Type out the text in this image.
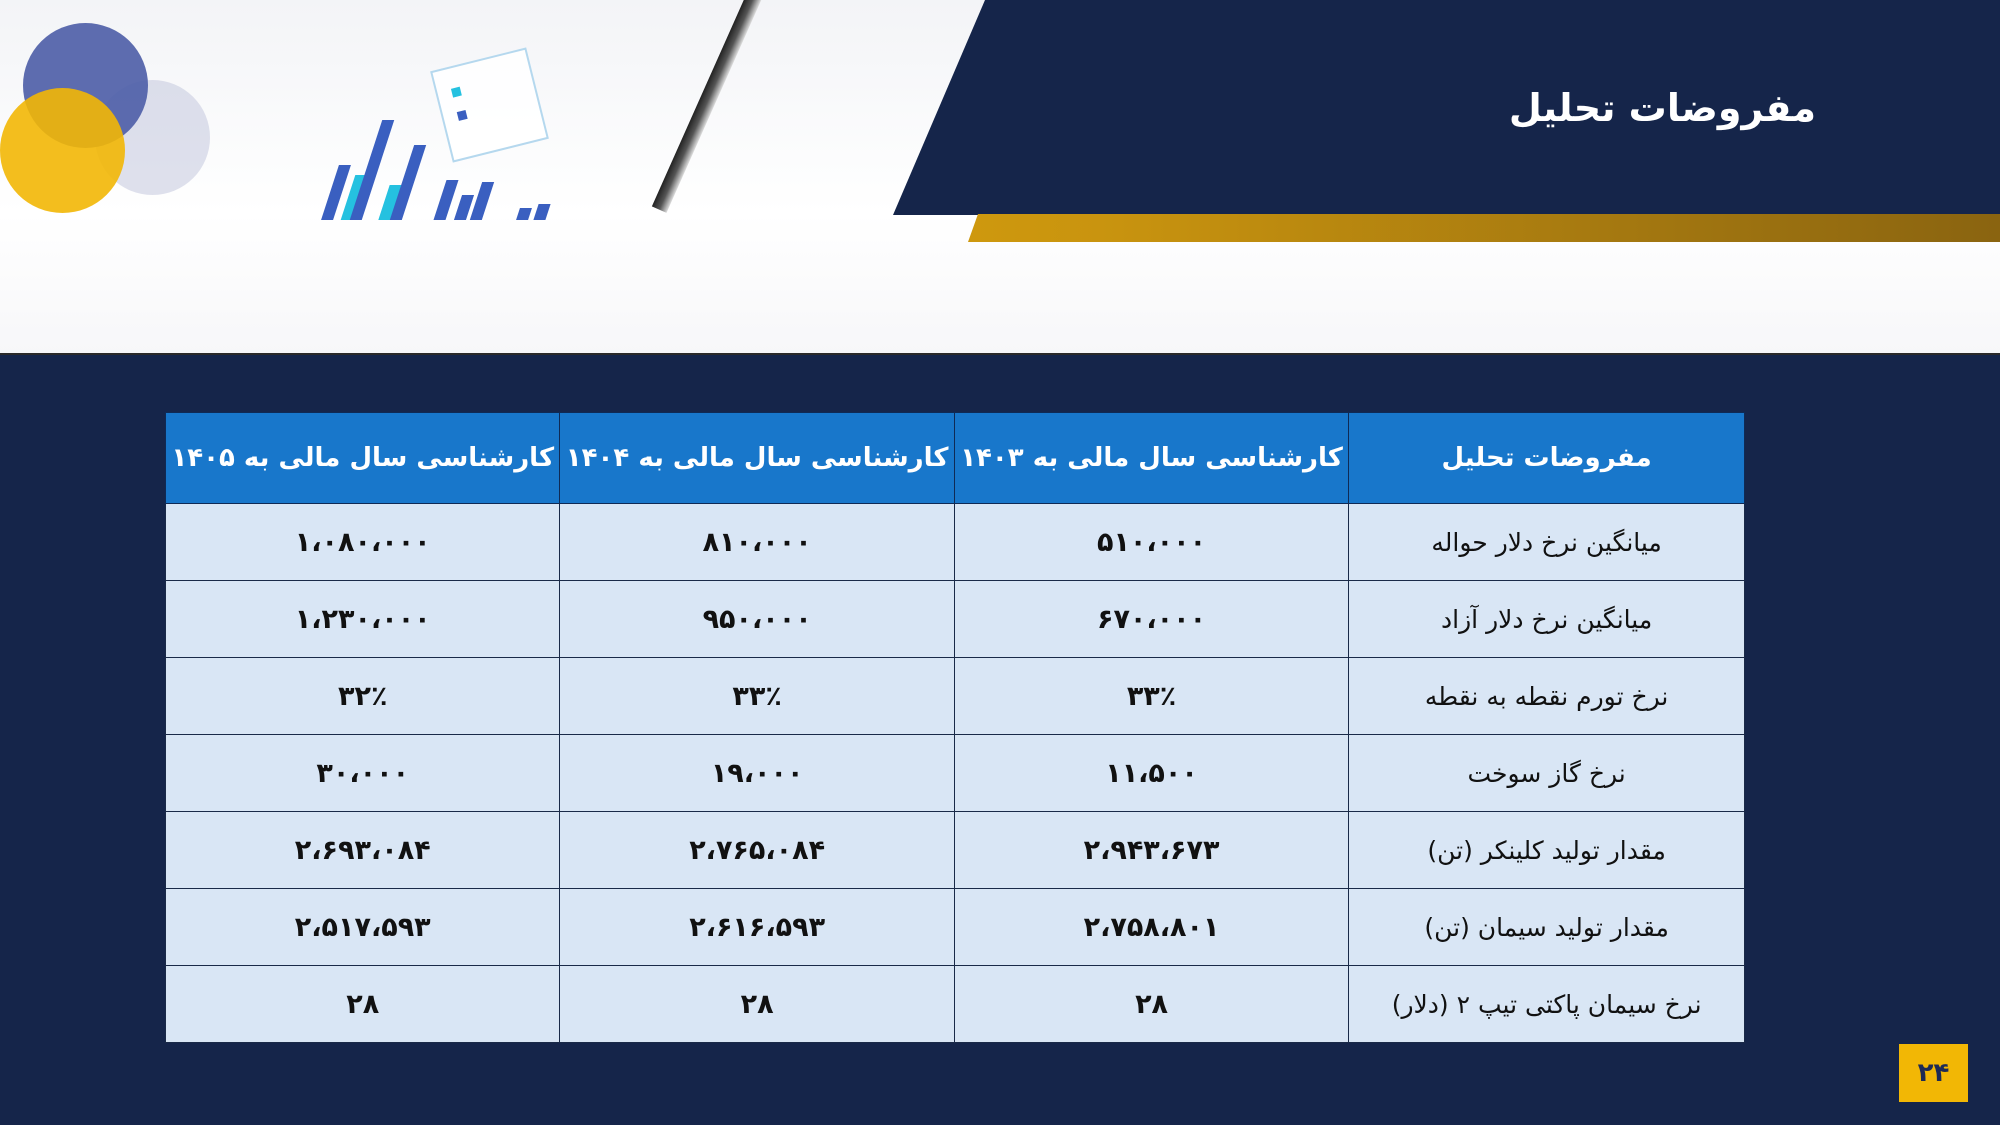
مفروضات تحلیل
مفروضات تحلیل	کارشناسی سال مالی به ۱۴۰۳	کارشناسی سال مالی به ۱۴۰۴	کارشناسی سال مالی به ۱۴۰۵
میانگین نرخ دلار حواله	۵۱۰،۰۰۰	۸۱۰،۰۰۰	۱،۰۸۰،۰۰۰
میانگین نرخ دلار آزاد	۶۷۰،۰۰۰	۹۵۰،۰۰۰	۱،۲۳۰،۰۰۰
نرخ تورم نقطه به نقطه	۳۳٪	۳۳٪	۳۲٪
نرخ گاز سوخت	۱۱،۵۰۰	۱۹،۰۰۰	۳۰،۰۰۰
مقدار تولید کلینکر (تن)	۲،۹۴۳،۶۷۳	۲،۷۶۵،۰۸۴	۲،۶۹۳،۰۸۴
مقدار تولید سیمان (تن)	۲،۷۵۸،۸۰۱	۲،۶۱۶،۵۹۳	۲،۵۱۷،۵۹۳
نرخ سیمان پاکتی تیپ ۲ (دلار)	۲۸	۲۸	۲۸
۲۴
